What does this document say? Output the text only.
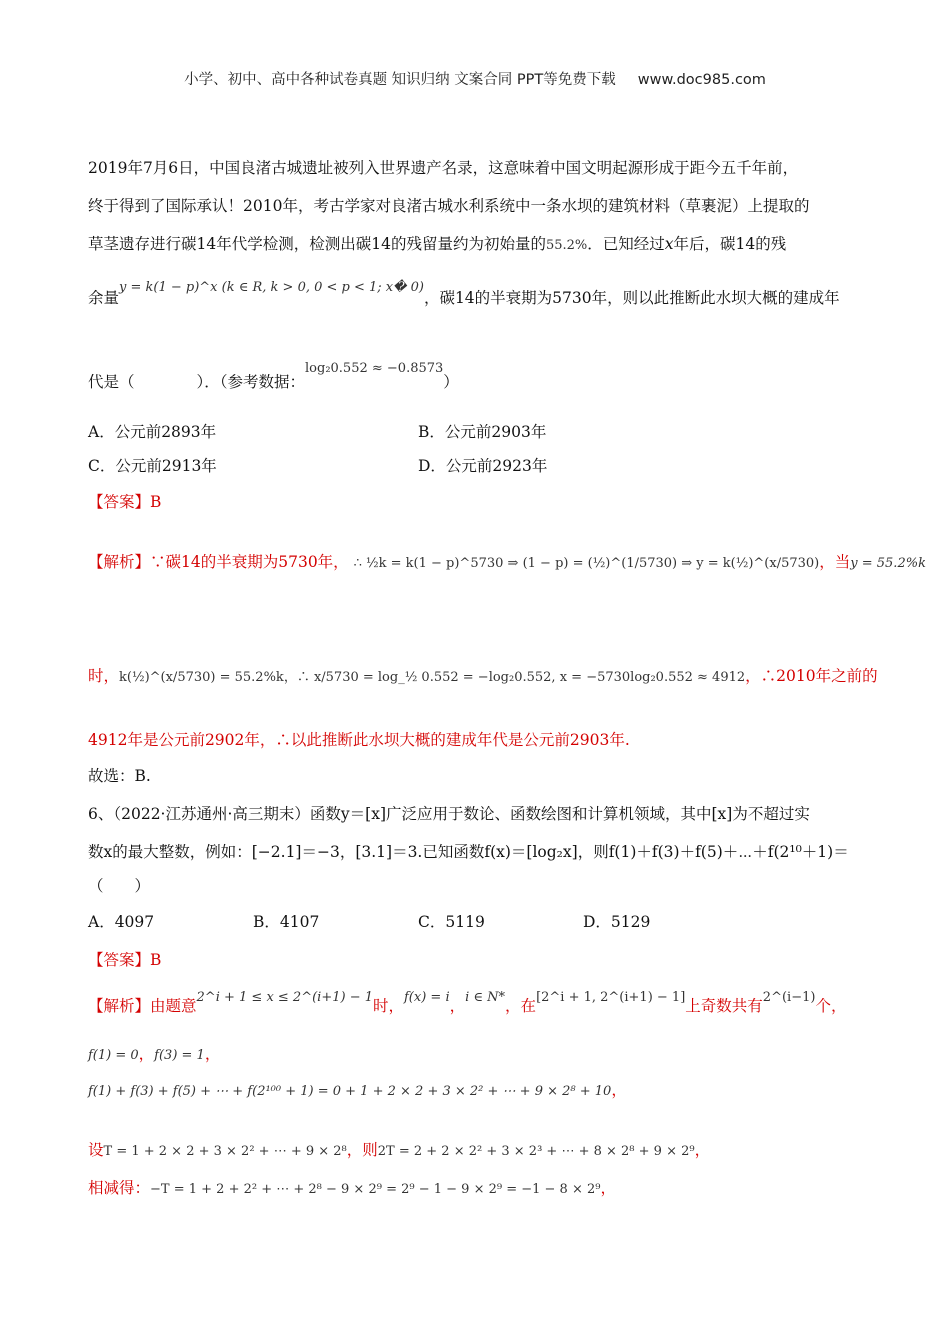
小学、初中、高中各种试卷真题 知识归纳 文案合同 PPT等免费下载 www.doc985.com
2019年7月6日，中国良渚古城遗址被列入世界遗产名录，这意味着中国文明起源形成于距今五千年前，
终于得到了国际承认！2010年，考古学家对良渚古城水利系统中一条水坝的建筑材料（草裹泥）上提取的
草茎遗存进行碳14年代学检测，检测出碳14的残留量约为初始量的55.2%．已知经过x年后，碳14的残
余量$^{y = k(1 - p)\^{}x (k \in R, k > 0, 0 < p < 1; x� 0)}$，碳14的半衰期为5730年，则以此推断此水坝大概的建成年
代是（　　　　）．（参考数据：$^{log_20.552 \approx -0.8573}$）
A．公元前2893年	B．公元前2903年
C．公元前2913年	D．公元前2923年
【答案】B
【解析】∵碳14的半衰期为5730年， ∴ ½k = k(1 − p)^5730 ⇒ (1 − p) = (½)^(1/5730) ⇒ y = k(½)^(x/5730)，当y = 55.2%k
时，k(½)^(x/5730) = 55.2%k，∴ x/5730 = log_½ 0.552 = −log₂0.552, x = −5730log₂0.552 ≈ 4912，∴2010年之前的
4912年是公元前2902年，∴以此推断此水坝大概的建成年代是公元前2903年.
故选：B.
6、（2022·江苏通州·高三期末）函数y＝[x]广泛应用于数论、函数绘图和计算机领域，其中[x]为不超过实
数x的最大整数，例如：[−2.1]＝−3，[3.1]＝3.已知函数f(x)＝[log₂x]，则f(1)＋f(3)＋f(5)＋⋯＋f(2¹⁰＋1)＝
（　　）
A．4097	B．4107	C．5119	D．5129
【答案】B
【解析】由题意$^{2\^{}i + 1 \le x \le 2\^{}(i+1) - 1}$时，$^{f(x) = i}$，$^{i \in N*}$，在[2^i + 1, 2^(i+1) − 1]上奇数共有$^{2\^{}(i-1)}$个，
f(1) = 0，f(3) = 1，
f(1) + f(3) + f(5) + ⋯ + f(2¹⁰⁰ + 1) = 0 + 1 + 2 × 2 + 3 × 2² + ⋯ + 9 × 2⁸ + 10，
设T = 1 + 2 × 2 + 3 × 2² + ⋯ + 9 × 2⁸，则2T = 2 + 2 × 2² + 3 × 2³ + ⋯ + 8 × 2⁸ + 9 × 2⁹，
相减得：−T = 1 + 2 + 2² + ⋯ + 2⁸ − 9 × 2⁹ = 2⁹ − 1 − 9 × 2⁹ = −1 − 8 × 2⁹，
